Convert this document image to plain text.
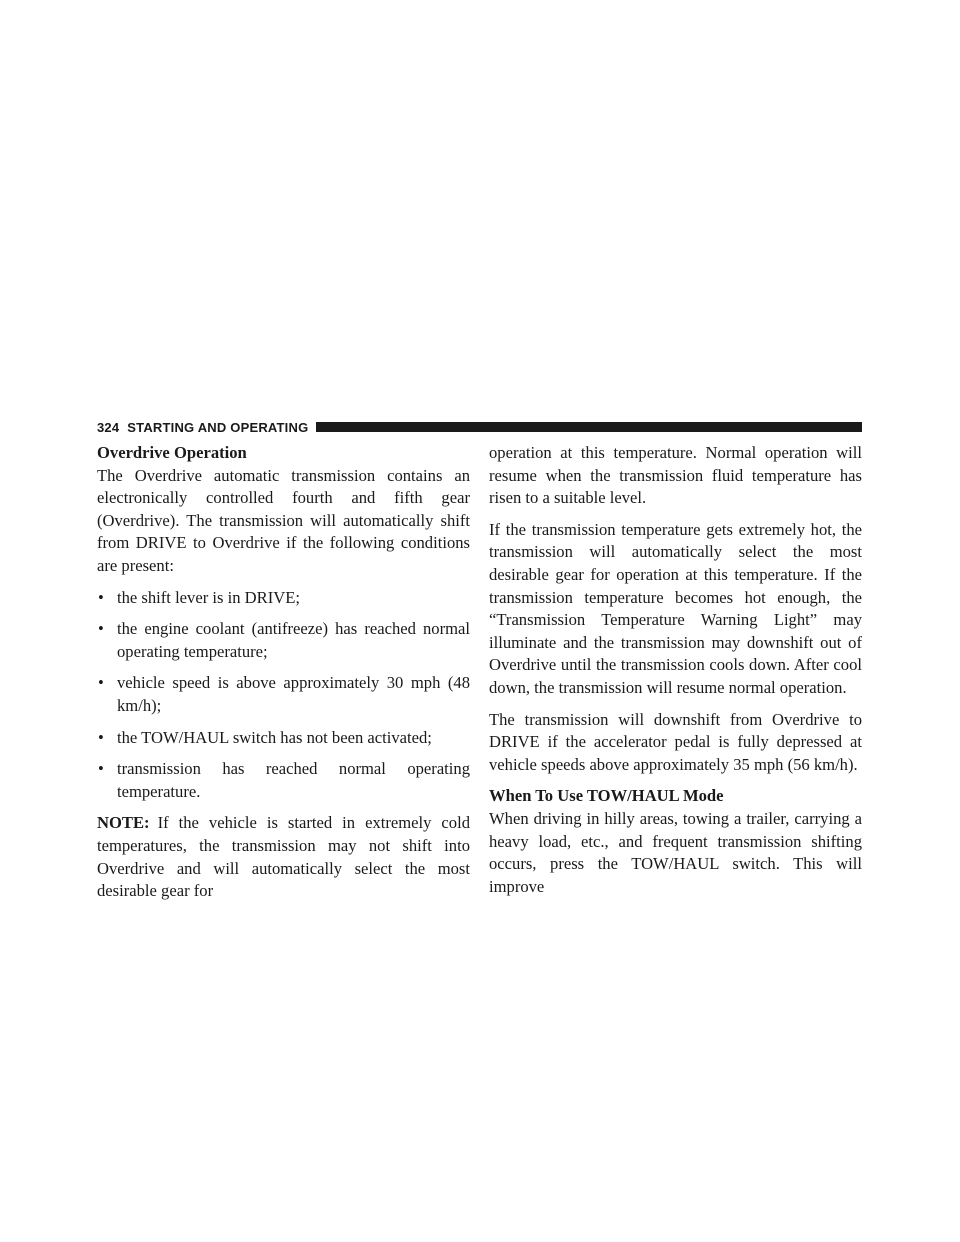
324 STARTING AND OPERATING

Overdrive Operation

The Overdrive automatic transmission contains an electronically controlled fourth and fifth gear (Overdrive). The transmission will automatically shift from DRIVE to Overdrive if the following conditions are present:

• the shift lever is in DRIVE;
• the engine coolant (antifreeze) has reached normal operating temperature;
• vehicle speed is above approximately 30 mph (48 km/h);
• the TOW/HAUL switch has not been activated;
• transmission has reached normal operating temperature.

NOTE: If the vehicle is started in extremely cold temperatures, the transmission may not shift into Overdrive and will automatically select the most desirable gear for

operation at this temperature. Normal operation will resume when the transmission fluid temperature has risen to a suitable level.

If the transmission temperature gets extremely hot, the transmission will automatically select the most desirable gear for operation at this temperature. If the transmission temperature becomes hot enough, the “Transmission Temperature Warning Light” may illuminate and the transmission may downshift out of Overdrive until the transmission cools down. After cool down, the transmission will resume normal operation.

The transmission will downshift from Overdrive to DRIVE if the accelerator pedal is fully depressed at vehicle speeds above approximately 35 mph (56 km/h).

When To Use TOW/HAUL Mode

When driving in hilly areas, towing a trailer, carrying a heavy load, etc., and frequent transmission shifting occurs, press the TOW/HAUL switch. This will improve
